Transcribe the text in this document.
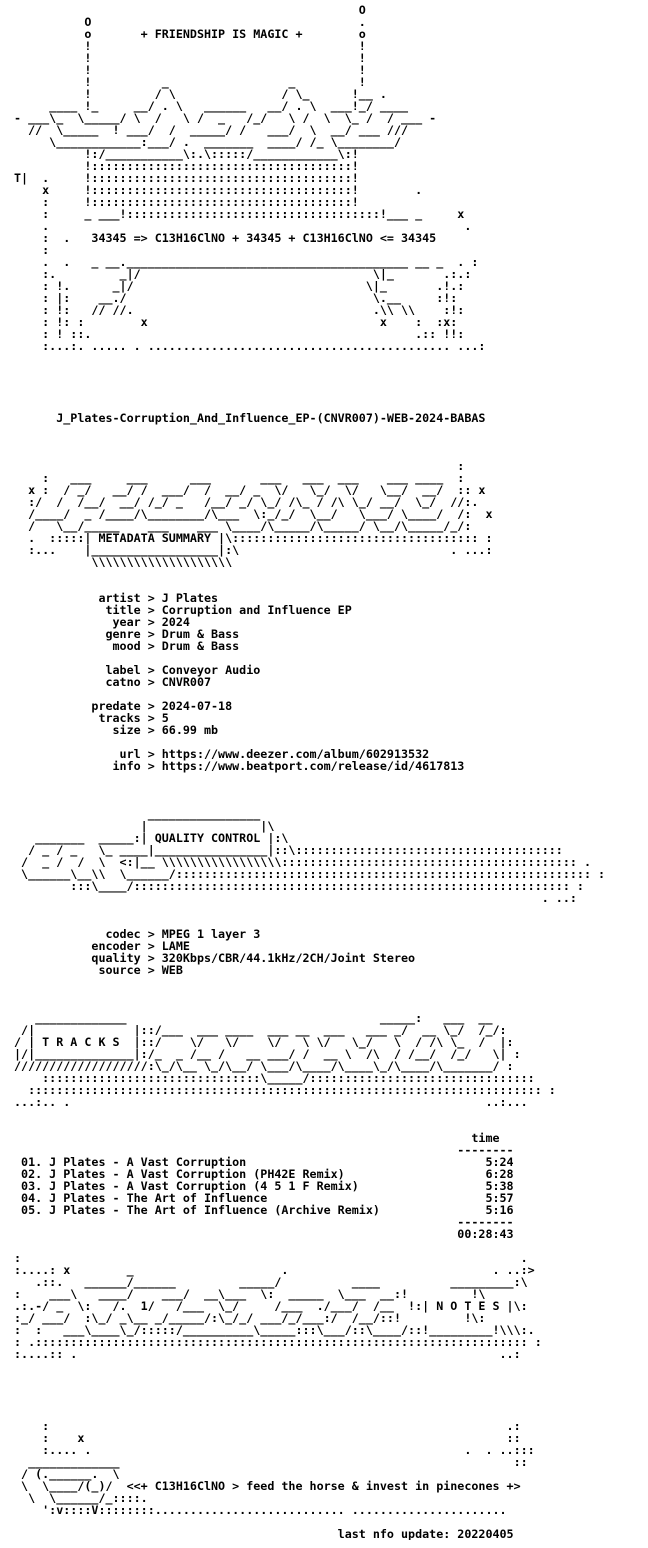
O
O                                      .
o       + FRIENDSHIP IS MAGIC +        o
!                                      !
!                                      !
!                                      !
!          _                 _         !
!         / \               / \_      !__ .
____ !_     __/ . \   ______   __/ . \  ___!_/ ____
- ___\_  \_____/ \  /   \ /  _   /_/   \ /  \  \_ /  / ___ -
//  \_____  ! ___/  /  _____/ /   ___/  \  __/ ___ ///
\____________:___/ .  _______  ____/ /_ \________/
!:/___________\:.\:::::/____________\:!
!:::::::::::::::::::::::::::::::::::::!
T|  .     !:::::::::::::::::::::::::::::::::::::!
x     !:::::::::::::::::::::::::::::::::::::!        .
:     !:::::::::::::::::::::::::::::::::::::!
:     _ ___!::::::::::::::::::::::::::::::::::::!___ _     x
.                                                           .
:  .   34345 => C13H16ClNO + 34345 + C13H16ClNO <= 34345
:
.  .   _ __.________________________________________ __ _  . :
:.         _|/                                 \|_       .:.:
: !.      _|/                                 \|_       .!.:
: |:    __./                                   \.__     :!:
: !:   // //.                                  .\\ \\    :!:
: !: :        x                                 x    :  :x:
: ! ::.                                              .:: !!:
:...:. ..... . ........................................... ...:
J_Plates-Corruption_And_Influence_EP-(CNVR007)-WEB-2024-BABAS
:
:   ___     ___      ___       ___   ___  ___    ___ ____  :
x :  / _/   __/ /  ___/  /  __/ _  \/   \_/  \/   \__/  __/  :: x
:/  /  /__/  __/ /_/ _   /__/ _/ \_/ /\_ / /\ \_/ __/  \_/  //:.
/____/  _ /____/\________/\___  \:_/_/  \__/   \___/ \____/  /:  x
/   \__/_____    ___    ___ \____/\_____/\_____/ \__/\_____/_/:
.  :::::| METADATA SUMMARY |\::::::::::::::::::::::::::::::::::: :
:...    |__________________|:\                              . ...:
\\\\\\\\\\\\\\\\\\\\
artist > J Plates
title > Corruption and Influence EP
year > 2024
genre > Drum & Bass
mood > Drum & Bass
label > Conveyor Audio
catno > CNVR007
predate > 2024-07-18
tracks > 5
size > 66.99 mb
url > https://www.deezer.com/album/602913532
info > https://www.beatport.com/release/id/4617813
________________
|                |\
_______  _____:| QUALITY CONTROL |:\
/ _ / _   \_ ____|________________|::\::::::::::::::::::::::::::::::::::::::
/  _ /  /  \  <:|__ \\\\\\\\\\\\\\\\\:::::::::::::::::::::::::::::::::::::::::: .
\______\__\\  \______/::::::::::::::::::::::::::::::::::::::::::::::::::::::::::: :
:::\____/:::::::::::::::::::::::::::::::::::::::::::::::::::::::::::::: :
. ..:
codec > MPEG 1 layer 3
encoder > LAME
quality > 320Kbps/CBR/44.1kHz/2CH/Joint Stereo
source > WEB
_____________                                    _____:   ___  __
/|              |::/___  ___ ____  ___ __  ___   ___ _/  __ \_/  /_/:
/ | T R A C K S  |::/    \/   \/    \/   \ \/   \_/   \  / /\ \_  /  |:
|/|______________|:/_  _ /__ /   __ ___/ /  __ \  /\  / /__/  /_/   \| :
///////////////////:\_/\__ \_/\__/ \___/\____/\____\_/\____/\_______/ :
:::::::::::::::::::::::::::::::\_____/::::::::::::::::::::::::::::::::
::::::::::::::::::::::::::::::::::::::::::::::::::::::::::::::::::::::::: :
...:.. .                                                           ..:...
time
--------
01. J Plates - A Vast Corruption                                  5:24
02. J Plates - A Vast Corruption (PH42E Remix)                    6:28
03. J Plates - A Vast Corruption (4 5 1 F Remix)                  5:38
04. J Plates - The Art of Influence                               5:57
05. J Plates - The Art of Influence (Archive Remix)               5:16
--------
00:28:43
:                                                                       .
:....: x        _                     .                             . ..:>
.::.   ______/______         _____/          ____          _________:\
:    ___\   ____/    ___/  __\___  \:  _____  \___  __:!         !\
.:.-/ _  \:   /.  1/   /___  \_/     /___  ./___/  /__  !:| N O T E S |\:
:_/ ___/  :\_/ _\__ _/_____/:\_/_/ ___/_/___:/  /__/::!         !\:
:  :   ___\____\_/:::::/__________\_____:::\___/::\____/::!_________!\\\:.
: .:::::::::::::::::::::::::::::::::::::::::::::::::::::::::::::::::::::: :
:....:: .                                                            ..:
:                                                                 .:
:    x                                                            ::
:.... .                                                     .  . ..:::
_____________                                                        ::
/ (.______.  \
\  \____/(_)/  <<+ C13H16ClNO > feed the horse & invest in pinecones +>
\  \______/_::::.
':v::::V::::::::........................... ......................
last nfo update: 20220405
